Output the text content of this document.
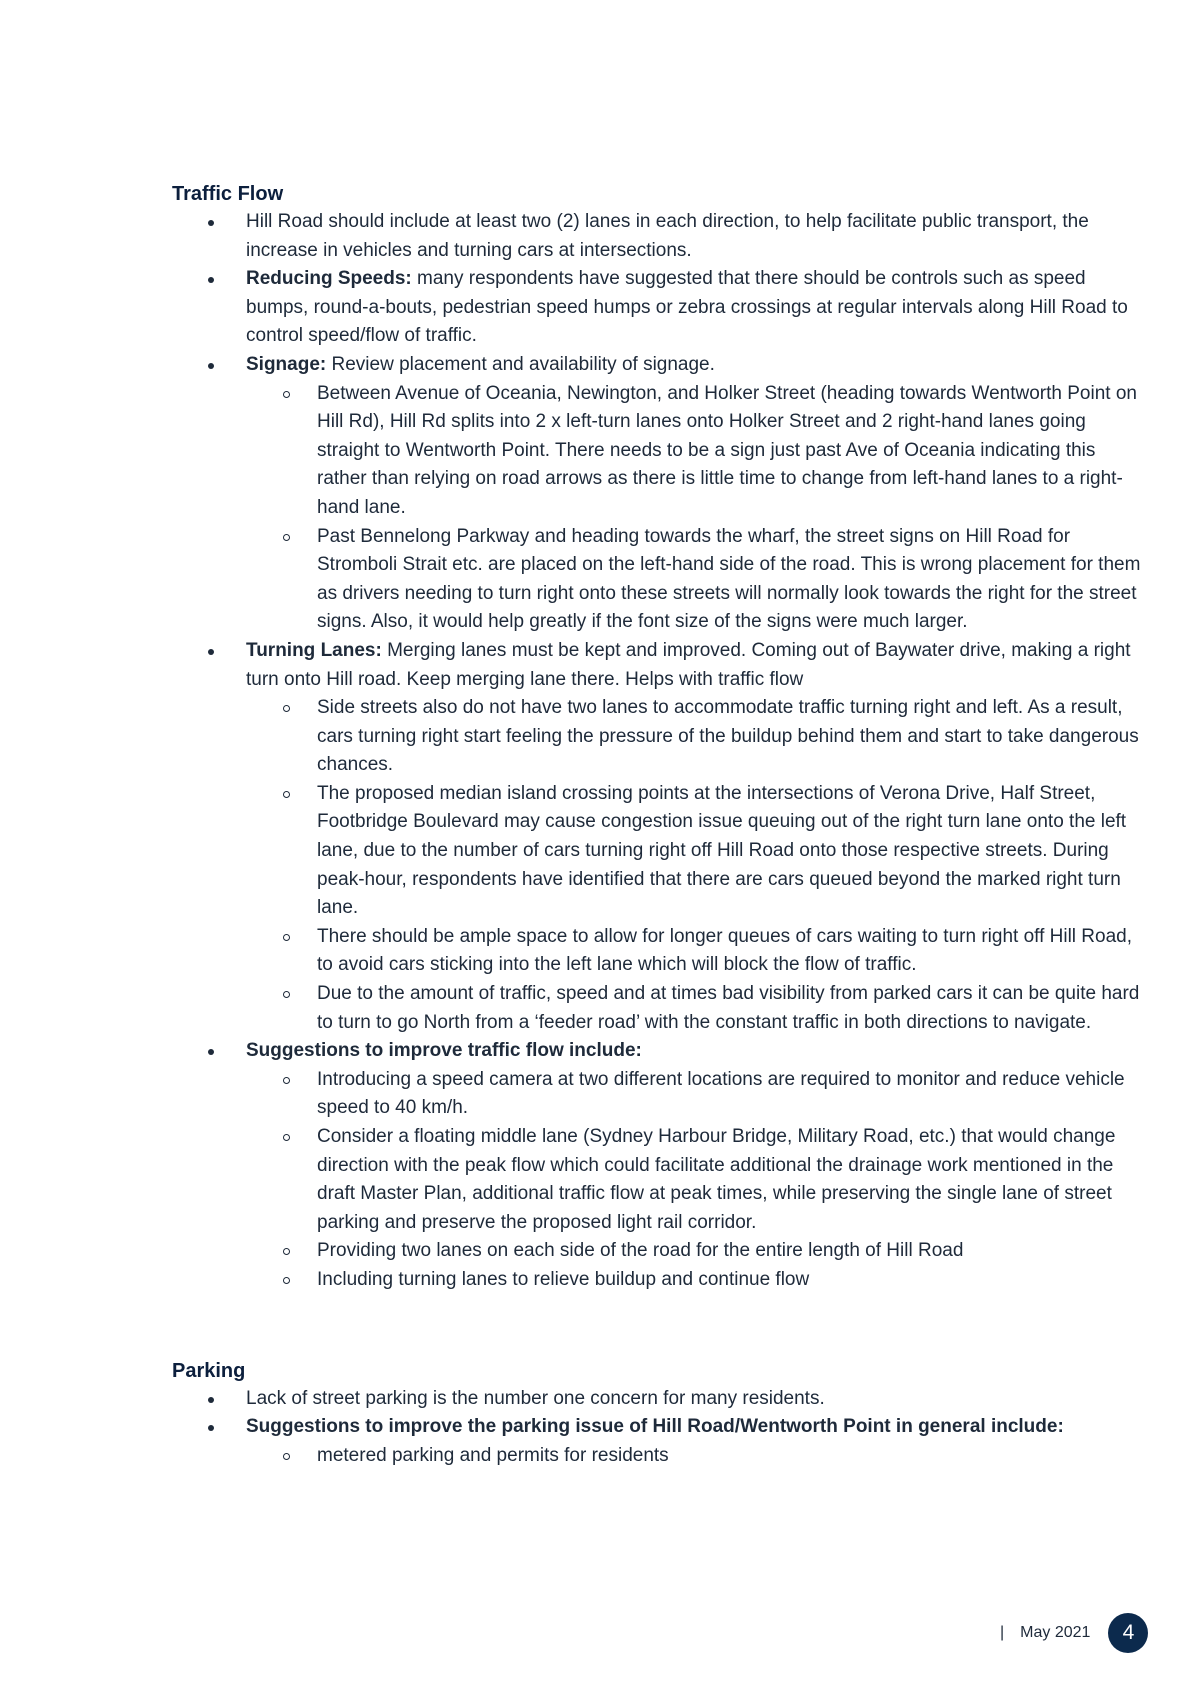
Traffic Flow
Hill Road should include at least two (2) lanes in each direction, to help facilitate public transport, the increase in vehicles and turning cars at intersections.
Reducing Speeds: many respondents have suggested that there should be controls such as speed bumps, round-a-bouts, pedestrian speed humps or zebra crossings at regular intervals along Hill Road to control speed/flow of traffic.
Signage: Review placement and availability of signage.
Between Avenue of Oceania, Newington, and Holker Street (heading towards Wentworth Point on Hill Rd), Hill Rd splits into 2 x left-turn lanes onto Holker Street and 2 right-hand lanes going straight to Wentworth Point. There needs to be a sign just past Ave of Oceania indicating this rather than relying on road arrows as there is little time to change from left-hand lanes to a right-hand lane.
Past Bennelong Parkway and heading towards the wharf, the street signs on Hill Road for Stromboli Strait etc. are placed on the left-hand side of the road. This is wrong placement for them as drivers needing to turn right onto these streets will normally look towards the right for the street signs. Also, it would help greatly if the font size of the signs were much larger.
Turning Lanes: Merging lanes must be kept and improved. Coming out of Baywater drive, making a right turn onto Hill road. Keep merging lane there. Helps with traffic flow
Side streets also do not have two lanes to accommodate traffic turning right and left. As a result, cars turning right start feeling the pressure of the buildup behind them and start to take dangerous chances.
The proposed median island crossing points at the intersections of Verona Drive, Half Street, Footbridge Boulevard may cause congestion issue queuing out of the right turn lane onto the left lane, due to the number of cars turning right off Hill Road onto those respective streets. During peak-hour, respondents have identified that there are cars queued beyond the marked right turn lane.
There should be ample space to allow for longer queues of cars waiting to turn right off Hill Road, to avoid cars sticking into the left lane which will block the flow of traffic.
Due to the amount of traffic, speed and at times bad visibility from parked cars it can be quite hard to turn to go North from a ‘feeder road’ with the constant traffic in both directions to navigate.
Suggestions to improve traffic flow include:
Introducing a speed camera at two different locations are required to monitor and reduce vehicle speed to 40 km/h.
Consider a floating middle lane (Sydney Harbour Bridge, Military Road, etc.) that would change direction with the peak flow which could facilitate additional the drainage work mentioned in the draft Master Plan, additional traffic flow at peak times, while preserving the single lane of street parking and preserve the proposed light rail corridor.
Providing two lanes on each side of the road for the entire length of Hill Road
Including turning lanes to relieve buildup and continue flow
Parking
Lack of street parking is the number one concern for many residents.
Suggestions to improve the parking issue of Hill Road/Wentworth Point in general include:
metered parking and permits for residents
| May 2021	4
